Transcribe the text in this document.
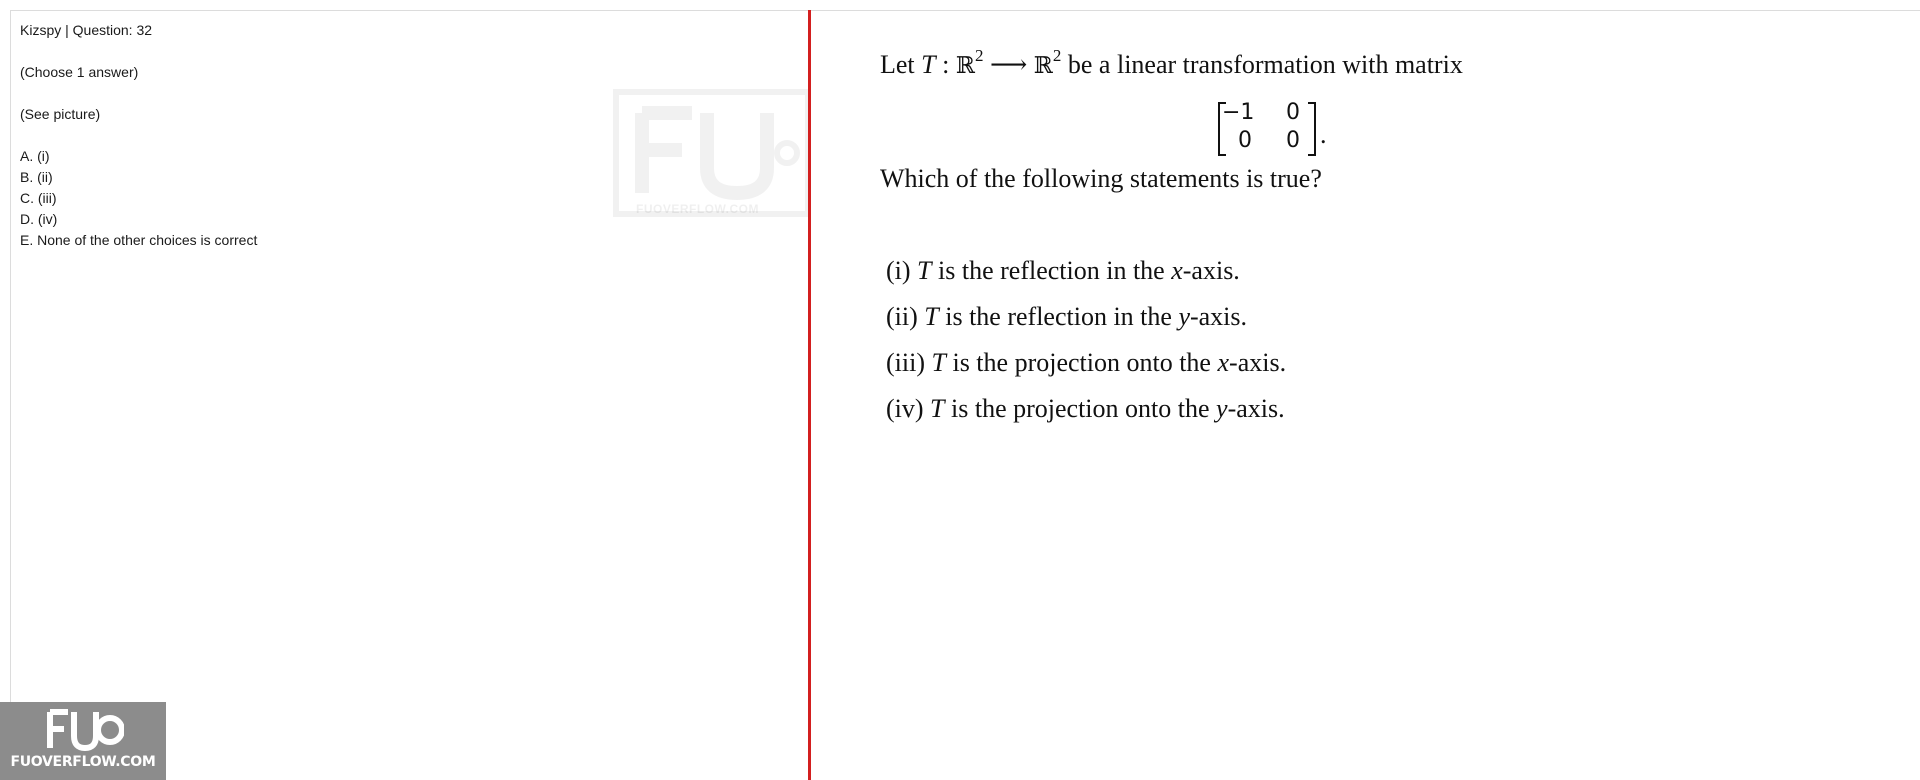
Kizspy | Question: 32
(Choose 1 answer)
(See picture)
A. (i)
B. (ii)
C. (iii)
D. (iv)
E. None of the other choices is correct
FUOVERFLOW.COM
Let T : ℝ$^2$ ⟶ ℝ$^2$ be a linear transformation with matrix
−1	0
0	0 .
Which of the following statements is true?
(i) T is the reflection in the x-axis.
(ii) T is the reflection in the y-axis.
(iii) T is the projection onto the x-axis.
(iv) T is the projection onto the y-axis.
FUOVERFLOW.COM
